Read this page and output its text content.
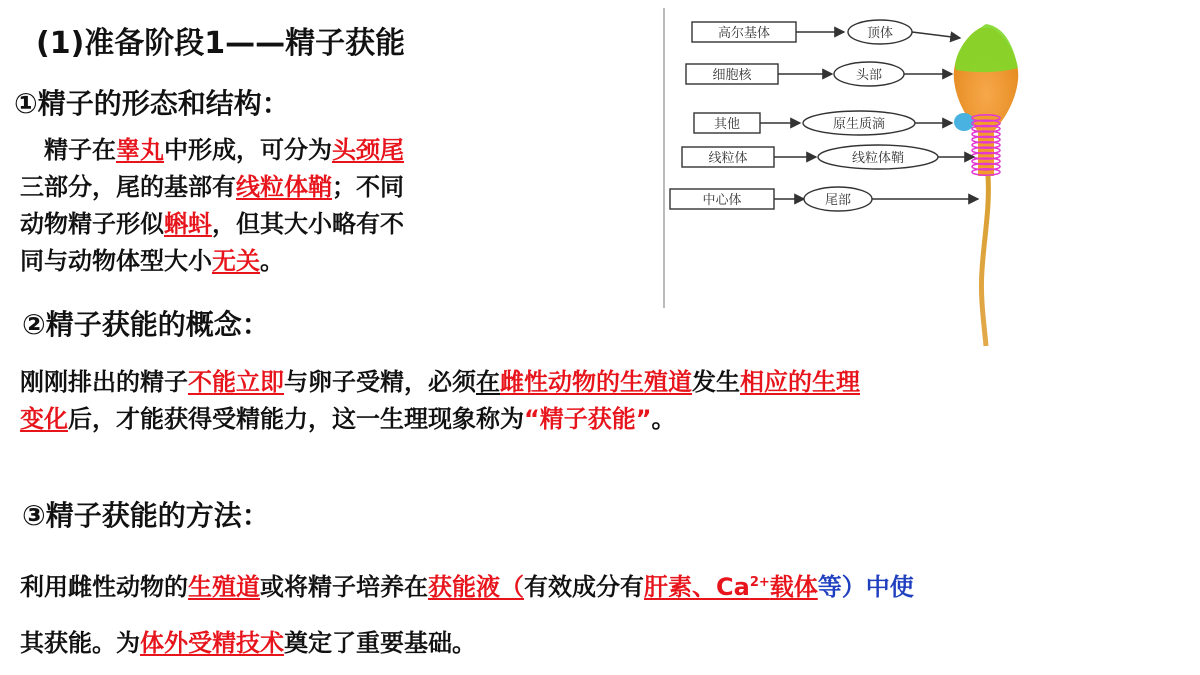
(1)准备阶段1——精子获能
①精子的形态和结构：
　精子在睾丸中形成，可分为头颈尾
三部分，尾的基部有线粒体鞘；不同
动物精子形似蝌蚪，但其大小略有不
同与动物体型大小无关。
②精子获能的概念：
刚刚排出的精子不能立即与卵子受精，必须在雌性动物的生殖道发生相应的生理
变化后，才能获得受精能力，这一生理现象称为“精子获能”。
③精子获能的方法：
利用雌性动物的生殖道或将精子培养在获能液（有效成分有肝素、$Ca^{2+}$载体等）中使
其获能。为体外受精技术奠定了重要基础。
高尔基体
细胞核
其他
线粒体
中心体
顶体
头部
原生质滴
线粒体鞘
尾部
